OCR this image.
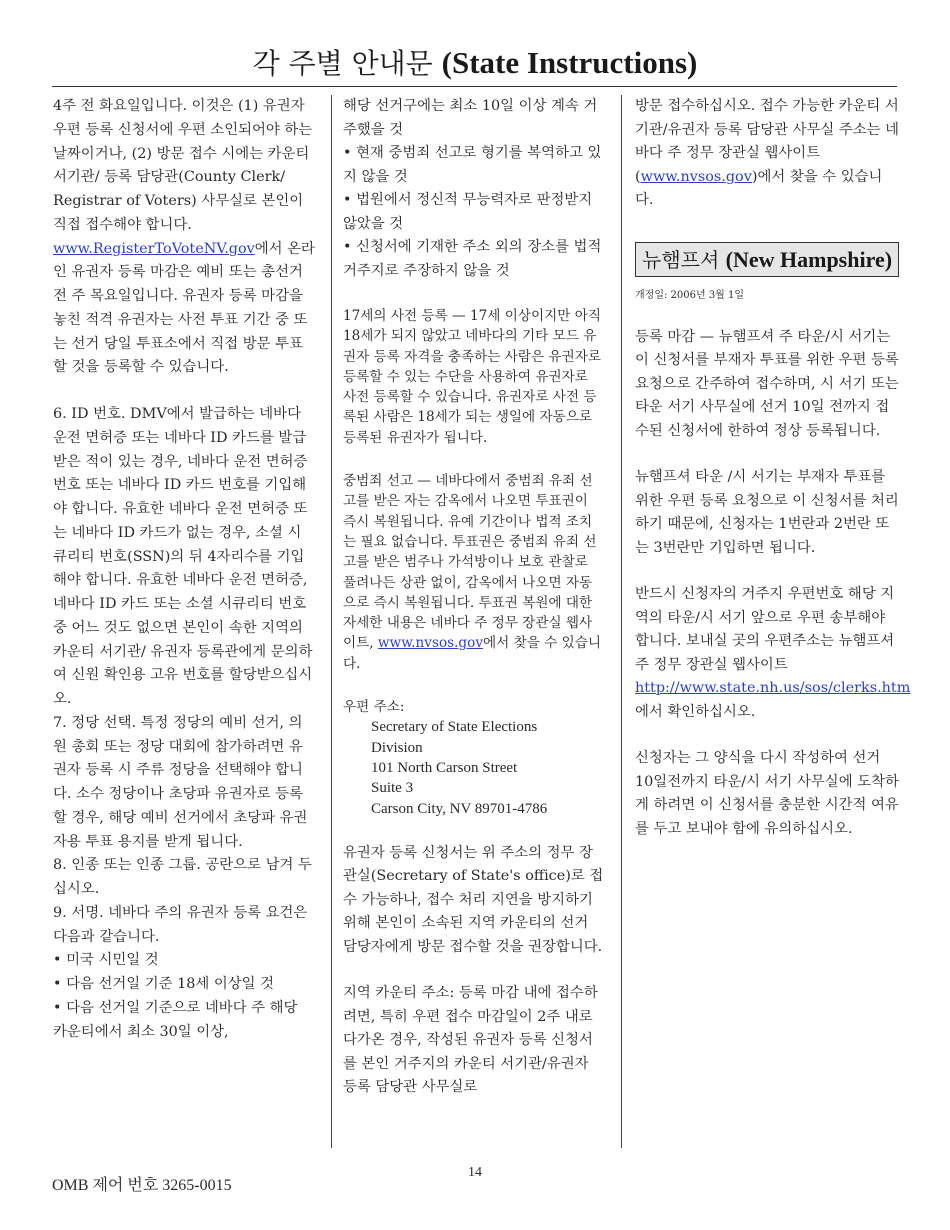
각 주별 안내문 (State Instructions)

4주 전 화요일입니다. 이것은 (1) 유권자 우편 등록 신청서에 우편 소인되어야 하는 날짜이거나, (2) 방문 접수 시에는 카운티 서기관/ 등록 담당관(County Clerk/ Registrar of Voters) 사무실로 본인이 직접 접수해야 합니다. www.RegisterToVoteNV.gov에서 온라인 유권자 등록 마감은 예비 또는 총선거 전 주 목요일입니다. 유권자 등록 마감을 놓친 적격 유권자는 사전 투표 기간 중 또는 선거 당일 투표소에서 직접 방문 투표할 것을 등록할 수 있습니다.

6. ID 번호. DMV에서 발급하는 네바다 운전 면허증 또는 네바다 ID 카드를 발급받은 적이 있는 경우, 네바다 운전 면허증 번호 또는 네바다 ID 카드 번호를 기입해야 합니다. 유효한 네바다 운전 면허증 또는 네바다 ID 카드가 없는 경우, 소셜 시큐리티 번호(SSN)의 뒤 4자리수를 기입해야 합니다. 유효한 네바다 운전 면허증, 네바다 ID 카드 또는 소셜 시큐리티 번호 중 어느 것도 없으면 본인이 속한 지역의 카운티 서기관/ 유권자 등록관에게 문의하여 신원 확인용 고유 번호를 할당받으십시오.

7. 정당 선택. 특정 정당의 예비 선거, 의원 총회 또는 정당 대회에 참가하려면 유권자 등록 시 주류 정당을 선택해야 합니다. 소수 정당이나 초당파 유권자로 등록할 경우, 해당 예비 선거에서 초당파 유권자용 투표 용지를 받게 됩니다.

8. 인종 또는 인종 그룹. 공란으로 남겨 두십시오.

9. 서명. 네바다 주의 유권자 등록 요건은 다음과 같습니다.

• 미국 시민일 것

• 다음 선거일 기준 18세 이상일 것

• 다음 선거일 기준으로 네바다 주 해당 카운티에서 최소 30일 이상,

해당 선거구에는 최소 10일 이상 계속 거주했을 것

• 현재 중범죄 선고로 형기를 복역하고 있지 않을 것

• 법원에서 정신적 무능력자로 판정받지 않았을 것

• 신청서에 기재한 주소 외의 장소를 법적 거주지로 주장하지 않을 것

17세의 사전 등록 — 17세 이상이지만 아직 18세가 되지 않았고 네바다의 기타 모드 유권자 등록 자격을 충족하는 사람은 유권자로 등록할 수 있는 수단을 사용하여 유권자로 사전 등록할 수 있습니다. 유권자로 사전 등록된 사람은 18세가 되는 생일에 자동으로 등록된 유권자가 됩니다.

중범죄 선고 — 네바다에서 중범죄 유죄 선고를 받은 자는 감옥에서 나오면 투표권이 즉시 복원됩니다. 유예 기간이나 법적 조치는 필요 없습니다. 투표권은 중범죄 유죄 선고를 받은 범주나 가석방이나 보호 관찰로 풀려나든 상관 없이, 감옥에서 나오면 자동으로 즉시 복원됩니다. 투표권 복원에 대한 자세한 내용은 네바다 주 정무 장관실 웹사이트, www.nvsos.gov에서 찾을 수 있습니다.

우편 주소:

Secretary of State Elections

Division

101 North Carson Street

Suite 3

Carson City, NV 89701-4786

유권자 등록 신청서는 위 주소의 정무 장관실(Secretary of State's office)로 접수 가능하나, 접수 처리 지연을 방지하기 위해 본인이 소속된 지역 카운티의 선거 담당자에게 방문 접수할 것을 권장합니다.

지역 카운티 주소: 등록 마감 내에 접수하려면, 특히 우편 접수 마감일이 2주 내로 다가온 경우, 작성된 유권자 등록 신청서를 본인 거주지의 카운티 서기관/유권자 등록 담당관 사무실로

방문 접수하십시오. 접수 가능한 카운티 서기관/유권자 등록 담당관 사무실 주소는 네바다 주 정무 장관실 웹사이트 (www.nvsos.gov)에서 찾을 수 있습니다.

뉴햄프셔 (New Hampshire)

개정일: 2006년 3월 1일

등록 마감 — 뉴햄프셔 주 타운/시 서기는 이 신청서를 부재자 투표를 위한 우편 등록 요청으로 간주하여 접수하며, 시 서기 또는 타운 서기 사무실에 선거 10일 전까지 접수된 신청서에 한하여 정상 등록됩니다.

뉴햄프셔 타운 /시 서기는 부재자 투표를 위한 우편 등록 요청으로 이 신청서를 처리하기 때문에, 신청자는 1번란과 2번란 또는 3번란만 기입하면 됩니다.

반드시 신청자의 거주지 우편번호 해당 지역의 타운/시 서기 앞으로 우편 송부해야 합니다. 보내실 곳의 우편주소는 뉴햄프셔주 정무 장관실 웹사이트 http://www.state.nh.us/sos/clerks.htm에서 확인하십시오.

신청자는 그 양식을 다시 작성하여 선거 10일전까지 타운/시 서기 사무실에 도착하게 하려면 이 신청서를 충분한 시간적 여유를 두고 보내야 함에 유의하십시오.

OMB 제어 번호 3265-0015
14
